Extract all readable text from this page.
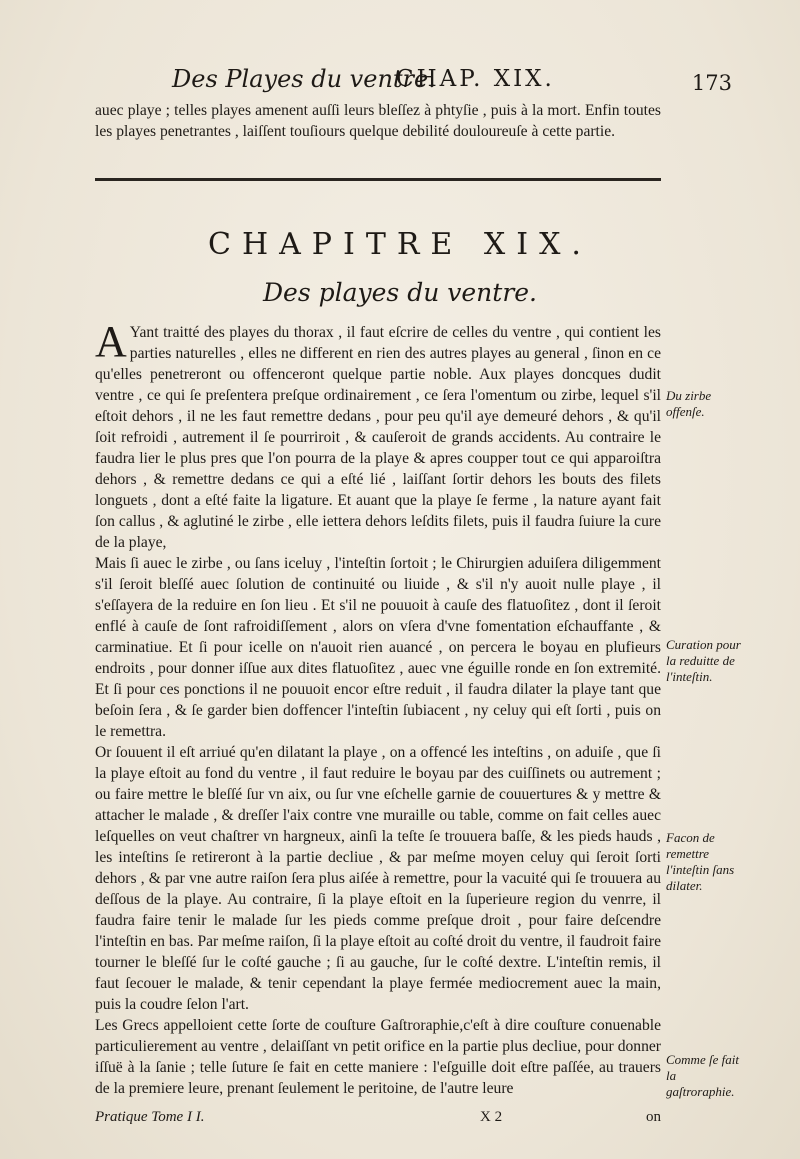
Des Playes du ventre.
CHAP. XIX.	173
auec playe ; telles playes amenent auſſi leurs bleſſez à phtyſie , puis à la mort. Enfin toutes les playes penetrantes , laiſſent touſiours quelque debilité douloureuſe à cette partie.
CHAPITRE XIX.
Des playes du ventre.

AYant traitté des playes du thorax , il faut eſcrire de celles du ventre , qui contient les parties naturelles , elles ne different en rien des autres playes au general , ſinon en ce qu'elles penetreront ou offenceront quelque partie noble. Aux playes doncques dudit ventre , ce qui ſe preſentera preſque ordinairement , ce ſera l'omentum ou zirbe, lequel s'il eſtoit dehors , il ne les faut remettre dedans , pour peu qu'il aye demeuré dehors , & qu'il ſoit refroidi , autrement il ſe pourriroit , & cauſeroit de grands accidents. Au contraire le faudra lier le plus pres que l'on pourra de la playe & apres coupper tout ce qui apparoiſtra dehors , & remettre dedans ce qui a eſté lié , laiſſant ſortir dehors les bouts des filets longuets , dont a eſté faite la ligature. Et auant que la playe ſe ferme , la nature ayant fait ſon callus , & aglutiné le zirbe , elle iettera dehors leſdits filets, puis il faudra ſuiure la cure de la playe,

Mais ſi auec le zirbe , ou ſans iceluy , l'inteſtin ſortoit ; le Chirurgien aduiſera diligemment s'il ſeroit bleſſé auec ſolution de continuité ou liuide , & s'il n'y auoit nulle playe , il s'eſſayera de la reduire en ſon lieu . Et s'il ne pouuoit à cauſe des flatuoſitez , dont il ſeroit enflé à cauſe de ſont rafroidiſſement , alors on vſera d'vne fomentation eſchauffante , & carminatiue. Et ſi pour icelle on n'auoit rien auancé , on percera le boyau en plufieurs endroits , pour donner iſſue aux dites flatuoſitez , auec vne éguille ronde en ſon extremité. Et ſi pour ces ponctions il ne pouuoit encor eſtre reduit , il faudra dilater la playe tant que beſoin ſera , & ſe garder bien doffencer l'inteſtin ſubiacent , ny celuy qui eſt ſorti , puis on le remettra.

Or ſouuent il eſt arriué qu'en dilatant la playe , on a offencé les inteſtins , on aduiſe , que ſi la playe eſtoit au fond du ventre , il faut reduire le boyau par des cuiſſinets ou autrement ; ou faire mettre le bleſſé ſur vn aix, ou ſur vne eſchelle garnie de couuertures & y mettre & attacher le malade , & dreſſer l'aix contre vne muraille ou table, comme on fait celles auec leſquelles on veut chaſtrer vn hargneux, ainſi la teſte ſe trouuera baſſe, & les pieds hauds , les inteſtins ſe retireront à la partie decliue , & par meſme moyen celuy qui ſeroit ſorti dehors , & par vne autre raiſon ſera plus aiſée à remettre, pour la vacuité qui ſe trouuera au deſſous de la playe. Au contraire, ſi la playe eſtoit en la ſuperieure region du venrre, il faudra faire tenir le malade ſur les pieds comme preſque droit , pour faire deſcendre l'inteſtin en bas. Par meſme raiſon, ſi la playe eſtoit au coſté droit du ventre, il faudroit faire tourner le bleſſé ſur le coſté gauche ; ſi au gauche, ſur le coſté dextre. L'inteſtin remis, il faut ſecouer le malade, & tenir cependant la playe fermée mediocrement auec la main, puis la coudre ſelon l'art.

Les Grecs appelloient cette ſorte de couſture Gaſtroraphie,c'eſt à dire couſture conuenable particulierement au ventre , delaiſſant vn petit orifice en la partie plus decliue, pour donner iſſuë à la ſanie ; telle ſuture ſe fait en cette maniere : l'eſguille doit eſtre paſſée, au trauers de la premiere leure, prenant ſeulement le peritoine, de l'autre leure

Du zirbe offenſe.
Curation pour la reduitte de l'inteſtin.
Facon de remettre l'inteſtin ſans dilater.
Comme ſe fait la gaſtroraphie.
Pratique Tome I I.	X 2	on
